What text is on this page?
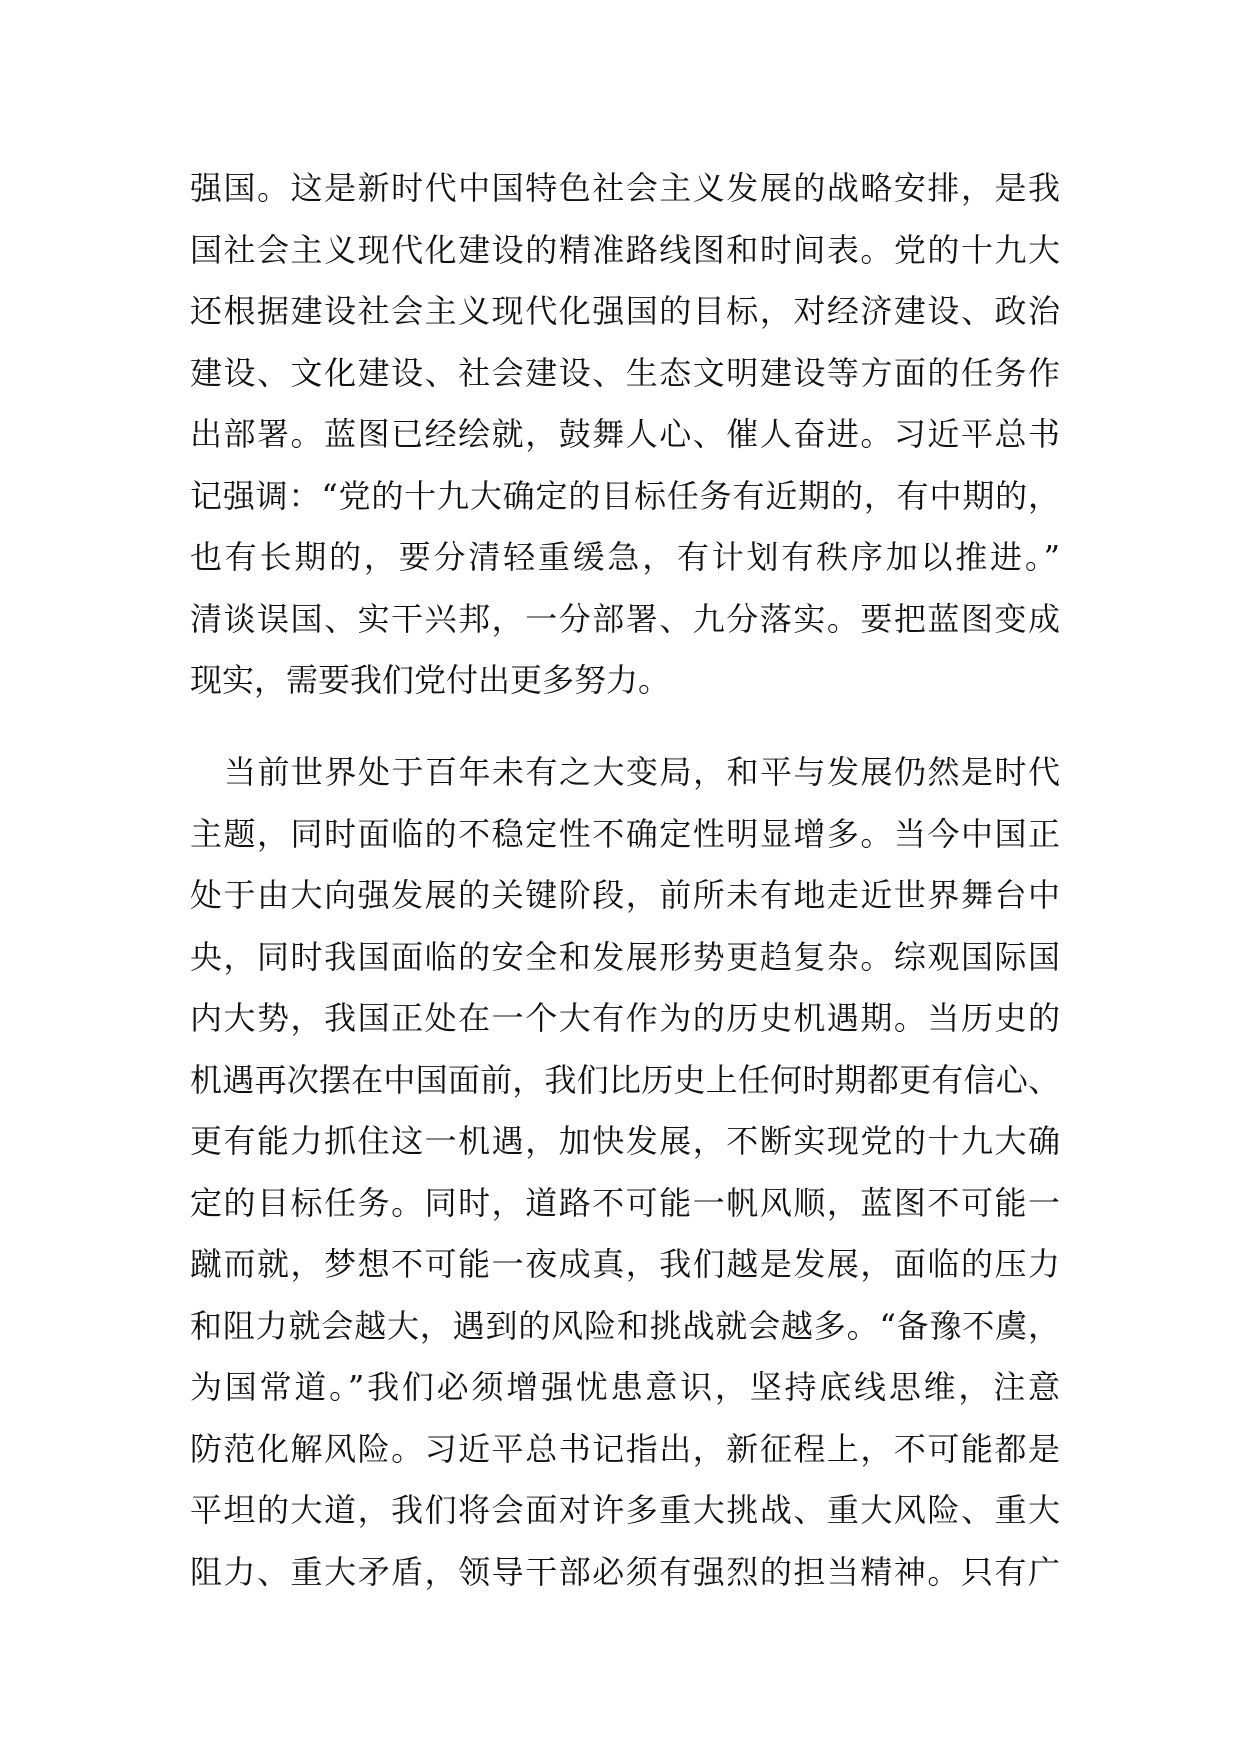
强国。这是新时代中国特色社会主义发展的战略安排，是我
国社会主义现代化建设的精准路线图和时间表。党的十九大
还根据建设社会主义现代化强国的目标，对经济建设、政治
建设、文化建设、社会建设、生态文明建设等方面的任务作
出部署。蓝图已经绘就，鼓舞人心、催人奋进。习近平总书
记强调：“党的十九大确定的目标任务有近期的，有中期的，
也有长期的，要分清轻重缓急，有计划有秩序加以推进。”
清谈误国、实干兴邦，一分部署、九分落实。要把蓝图变成
现实，需要我们党付出更多努力。
当前世界处于百年未有之大变局，和平与发展仍然是时代
主题，同时面临的不稳定性不确定性明显增多。当今中国正
处于由大向强发展的关键阶段，前所未有地走近世界舞台中
央，同时我国面临的安全和发展形势更趋复杂。综观国际国
内大势，我国正处在一个大有作为的历史机遇期。当历史的
机遇再次摆在中国面前，我们比历史上任何时期都更有信心、
更有能力抓住这一机遇，加快发展，不断实现党的十九大确
定的目标任务。同时，道路不可能一帆风顺，蓝图不可能一
蹴而就，梦想不可能一夜成真，我们越是发展，面临的压力
和阻力就会越大，遇到的风险和挑战就会越多。“备豫不虞，
为国常道。”我们必须增强忧患意识，坚持底线思维，注意
防范化解风险。习近平总书记指出，新征程上，不可能都是
平坦的大道，我们将会面对许多重大挑战、重大风险、重大
阻力、重大矛盾，领导干部必须有强烈的担当精神。只有广
